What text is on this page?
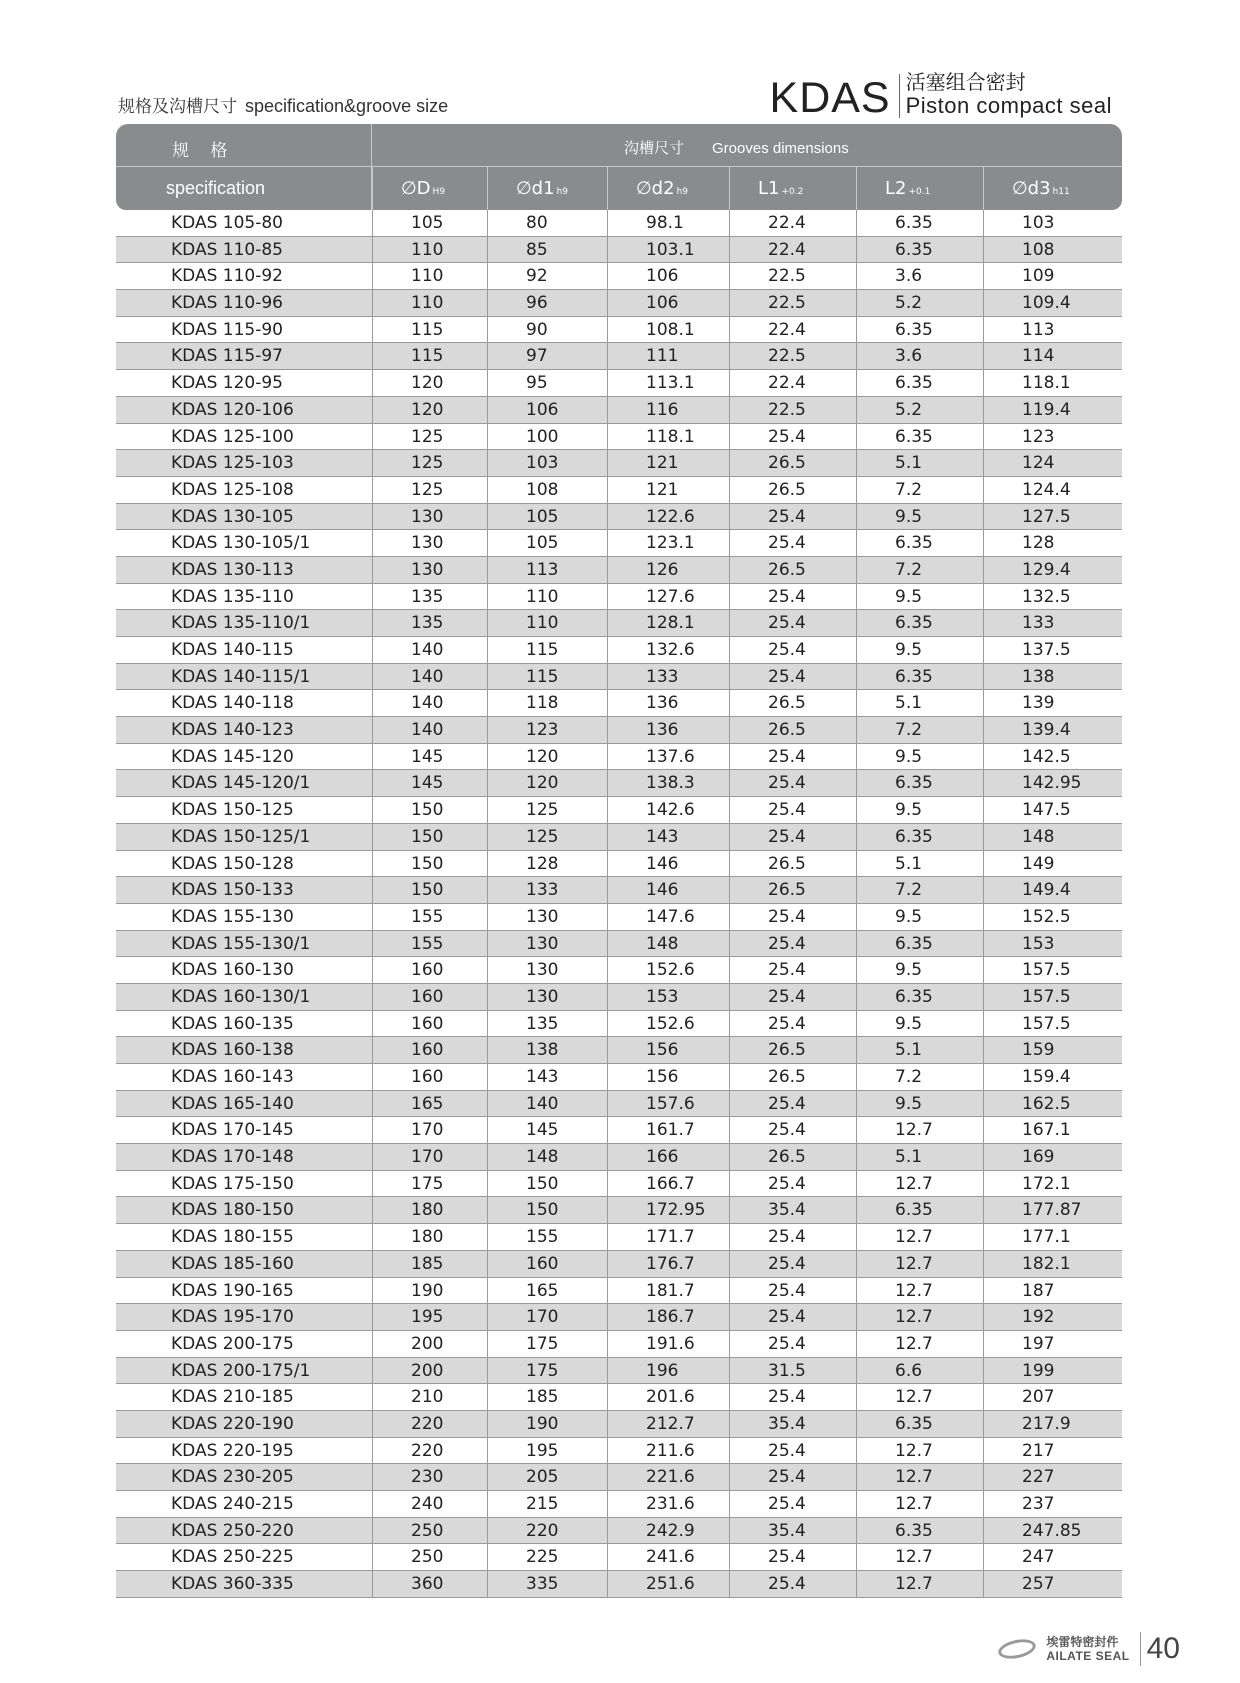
规格及沟槽尺寸 specification&groove size	KDAS 活塞组合密封
Piston compact seal
规 格	沟槽尺寸 Grooves dimensions
specification	∅D H9	∅d1 h9	∅d2 h9	L1 +0.2	L2 +0.1	∅d3 h11
KDAS 105-80	105	80	98.1	22.4	6.35	103
KDAS 110-85	110	85	103.1	22.4	6.35	108
KDAS 110-92	110	92	106	22.5	3.6	109
KDAS 110-96	110	96	106	22.5	5.2	109.4
KDAS 115-90	115	90	108.1	22.4	6.35	113
KDAS 115-97	115	97	111	22.5	3.6	114
KDAS 120-95	120	95	113.1	22.4	6.35	118.1
KDAS 120-106	120	106	116	22.5	5.2	119.4
KDAS 125-100	125	100	118.1	25.4	6.35	123
KDAS 125-103	125	103	121	26.5	5.1	124
KDAS 125-108	125	108	121	26.5	7.2	124.4
KDAS 130-105	130	105	122.6	25.4	9.5	127.5
KDAS 130-105/1	130	105	123.1	25.4	6.35	128
KDAS 130-113	130	113	126	26.5	7.2	129.4
KDAS 135-110	135	110	127.6	25.4	9.5	132.5
KDAS 135-110/1	135	110	128.1	25.4	6.35	133
KDAS 140-115	140	115	132.6	25.4	9.5	137.5
KDAS 140-115/1	140	115	133	25.4	6.35	138
KDAS 140-118	140	118	136	26.5	5.1	139
KDAS 140-123	140	123	136	26.5	7.2	139.4
KDAS 145-120	145	120	137.6	25.4	9.5	142.5
KDAS 145-120/1	145	120	138.3	25.4	6.35	142.95
KDAS 150-125	150	125	142.6	25.4	9.5	147.5
KDAS 150-125/1	150	125	143	25.4	6.35	148
KDAS 150-128	150	128	146	26.5	5.1	149
KDAS 150-133	150	133	146	26.5	7.2	149.4
KDAS 155-130	155	130	147.6	25.4	9.5	152.5
KDAS 155-130/1	155	130	148	25.4	6.35	153
KDAS 160-130	160	130	152.6	25.4	9.5	157.5
KDAS 160-130/1	160	130	153	25.4	6.35	157.5
KDAS 160-135	160	135	152.6	25.4	9.5	157.5
KDAS 160-138	160	138	156	26.5	5.1	159
KDAS 160-143	160	143	156	26.5	7.2	159.4
KDAS 165-140	165	140	157.6	25.4	9.5	162.5
KDAS 170-145	170	145	161.7	25.4	12.7	167.1
KDAS 170-148	170	148	166	26.5	5.1	169
KDAS 175-150	175	150	166.7	25.4	12.7	172.1
KDAS 180-150	180	150	172.95	35.4	6.35	177.87
KDAS 180-155	180	155	171.7	25.4	12.7	177.1
KDAS 185-160	185	160	176.7	25.4	12.7	182.1
KDAS 190-165	190	165	181.7	25.4	12.7	187
KDAS 195-170	195	170	186.7	25.4	12.7	192
KDAS 200-175	200	175	191.6	25.4	12.7	197
KDAS 200-175/1	200	175	196	31.5	6.6	199
KDAS 210-185	210	185	201.6	25.4	12.7	207
KDAS 220-190	220	190	212.7	35.4	6.35	217.9
KDAS 220-195	220	195	211.6	25.4	12.7	217
KDAS 230-205	230	205	221.6	25.4	12.7	227
KDAS 240-215	240	215	231.6	25.4	12.7	237
KDAS 250-220	250	220	242.9	35.4	6.35	247.85
KDAS 250-225	250	225	241.6	25.4	12.7	247
KDAS 360-335	360	335	251.6	25.4	12.7	257
埃雷特密封件
AILATE SEAL 40
